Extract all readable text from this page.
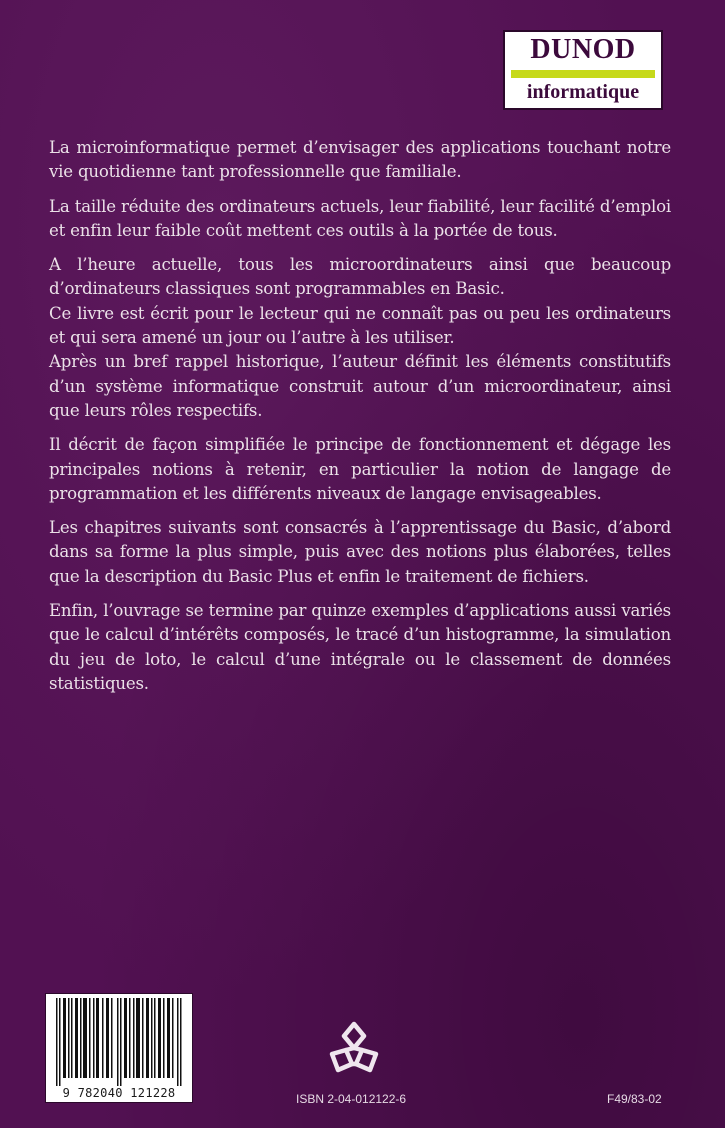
DUNOD
informatique

La microinformatique permet d’envisager des applications touchant notre vie quotidienne tant professionnelle que familiale.

La taille réduite des ordinateurs actuels, leur fiabilité, leur facilité d’emploi et enfin leur faible coût mettent ces outils à la portée de tous.

A l’heure actuelle, tous les microordinateurs ainsi que beaucoup d’ordinateurs classiques sont programmables en Basic.

Ce livre est écrit pour le lecteur qui ne connaît pas ou peu les ordinateurs et qui sera amené un jour ou l’autre à les utiliser.

Après un bref rappel historique, l’auteur définit les éléments constitutifs d’un système informatique construit autour d’un microordinateur, ainsi que leurs rôles respectifs.

Il décrit de façon simplifiée le principe de fonctionnement et dégage les principales notions à retenir, en particulier la notion de langage de programmation et les différents niveaux de langage envisageables.

Les chapitres suivants sont consacrés à l’apprentissage du Basic, d’abord dans sa forme la plus simple, puis avec des notions plus élaborées, telles que la description du Basic Plus et enfin le traitement de fichiers.

Enfin, l’ouvrage se termine par quinze exemples d’applications aussi variés que le calcul d’intérêts composés, le tracé d’un histogramme, la simulation du jeu de loto, le calcul d’une intégrale ou le classement de données statistiques.

9 782040 121228	ISBN 2-04-012122-6	F49/83-02
